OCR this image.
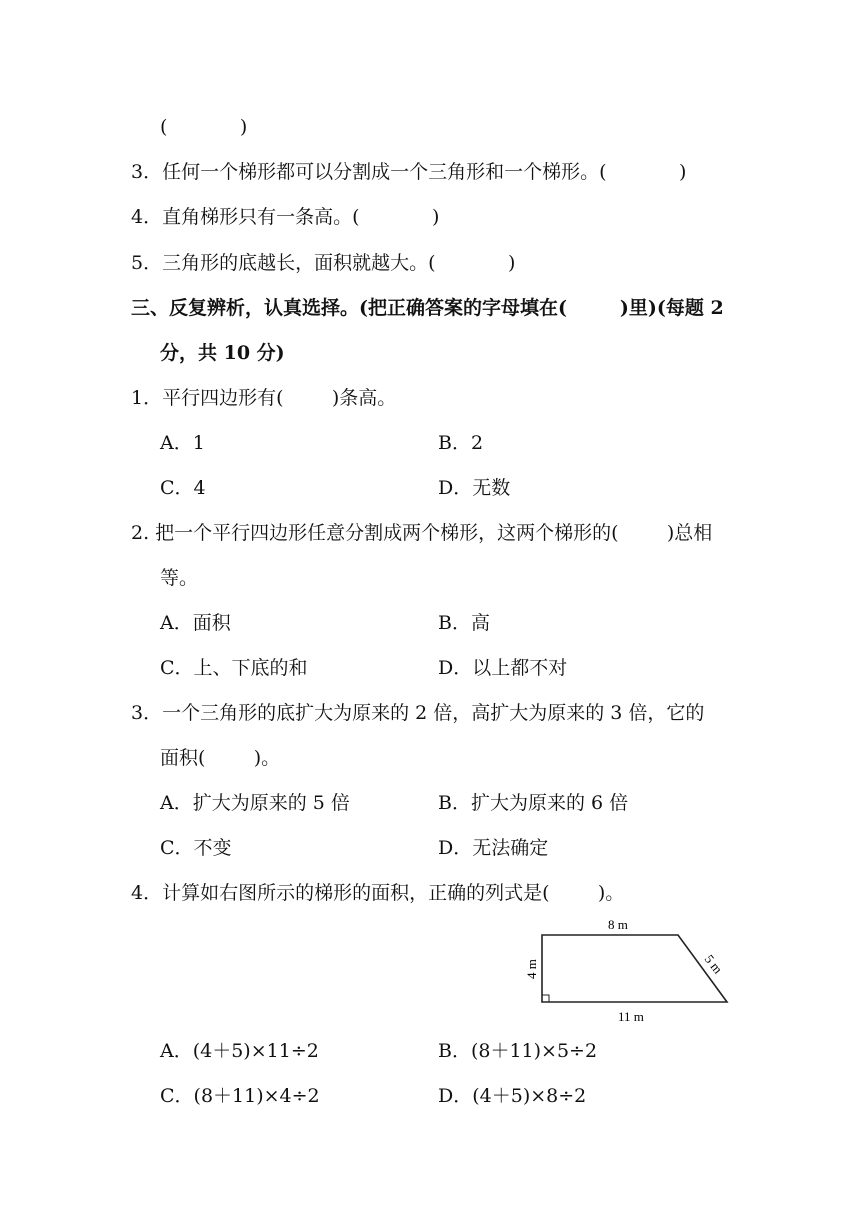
(            )
3．任何一个梯形都可以分割成一个三角形和一个梯形。(            )
4．直角梯形只有一条高。(            )
5．三角形的底越长，面积就越大。(            )
三、反复辨析，认真选择。(把正确答案的字母填在(        )里)(每题 2
分，共 10 分)
1．平行四边形有(        )条高。
A．1	B．2
C．4	D．无数
2. 把一个平行四边形任意分割成两个梯形，这两个梯形的(        )总相
等。
A．面积	B．高
C．上、下底的和	D．以上都不对
3．一个三角形的底扩大为原来的 2 倍，高扩大为原来的 3 倍，它的
面积(        )。
A．扩大为原来的 5 倍	B．扩大为原来的 6 倍
C．不变	D．无法确定
4．计算如右图所示的梯形的面积，正确的列式是(        )。
8 m
4 m	5 m
11 m
A．(4＋5)×11÷2	B．(8＋11)×5÷2
C．(8＋11)×4÷2	D．(4＋5)×8÷2
